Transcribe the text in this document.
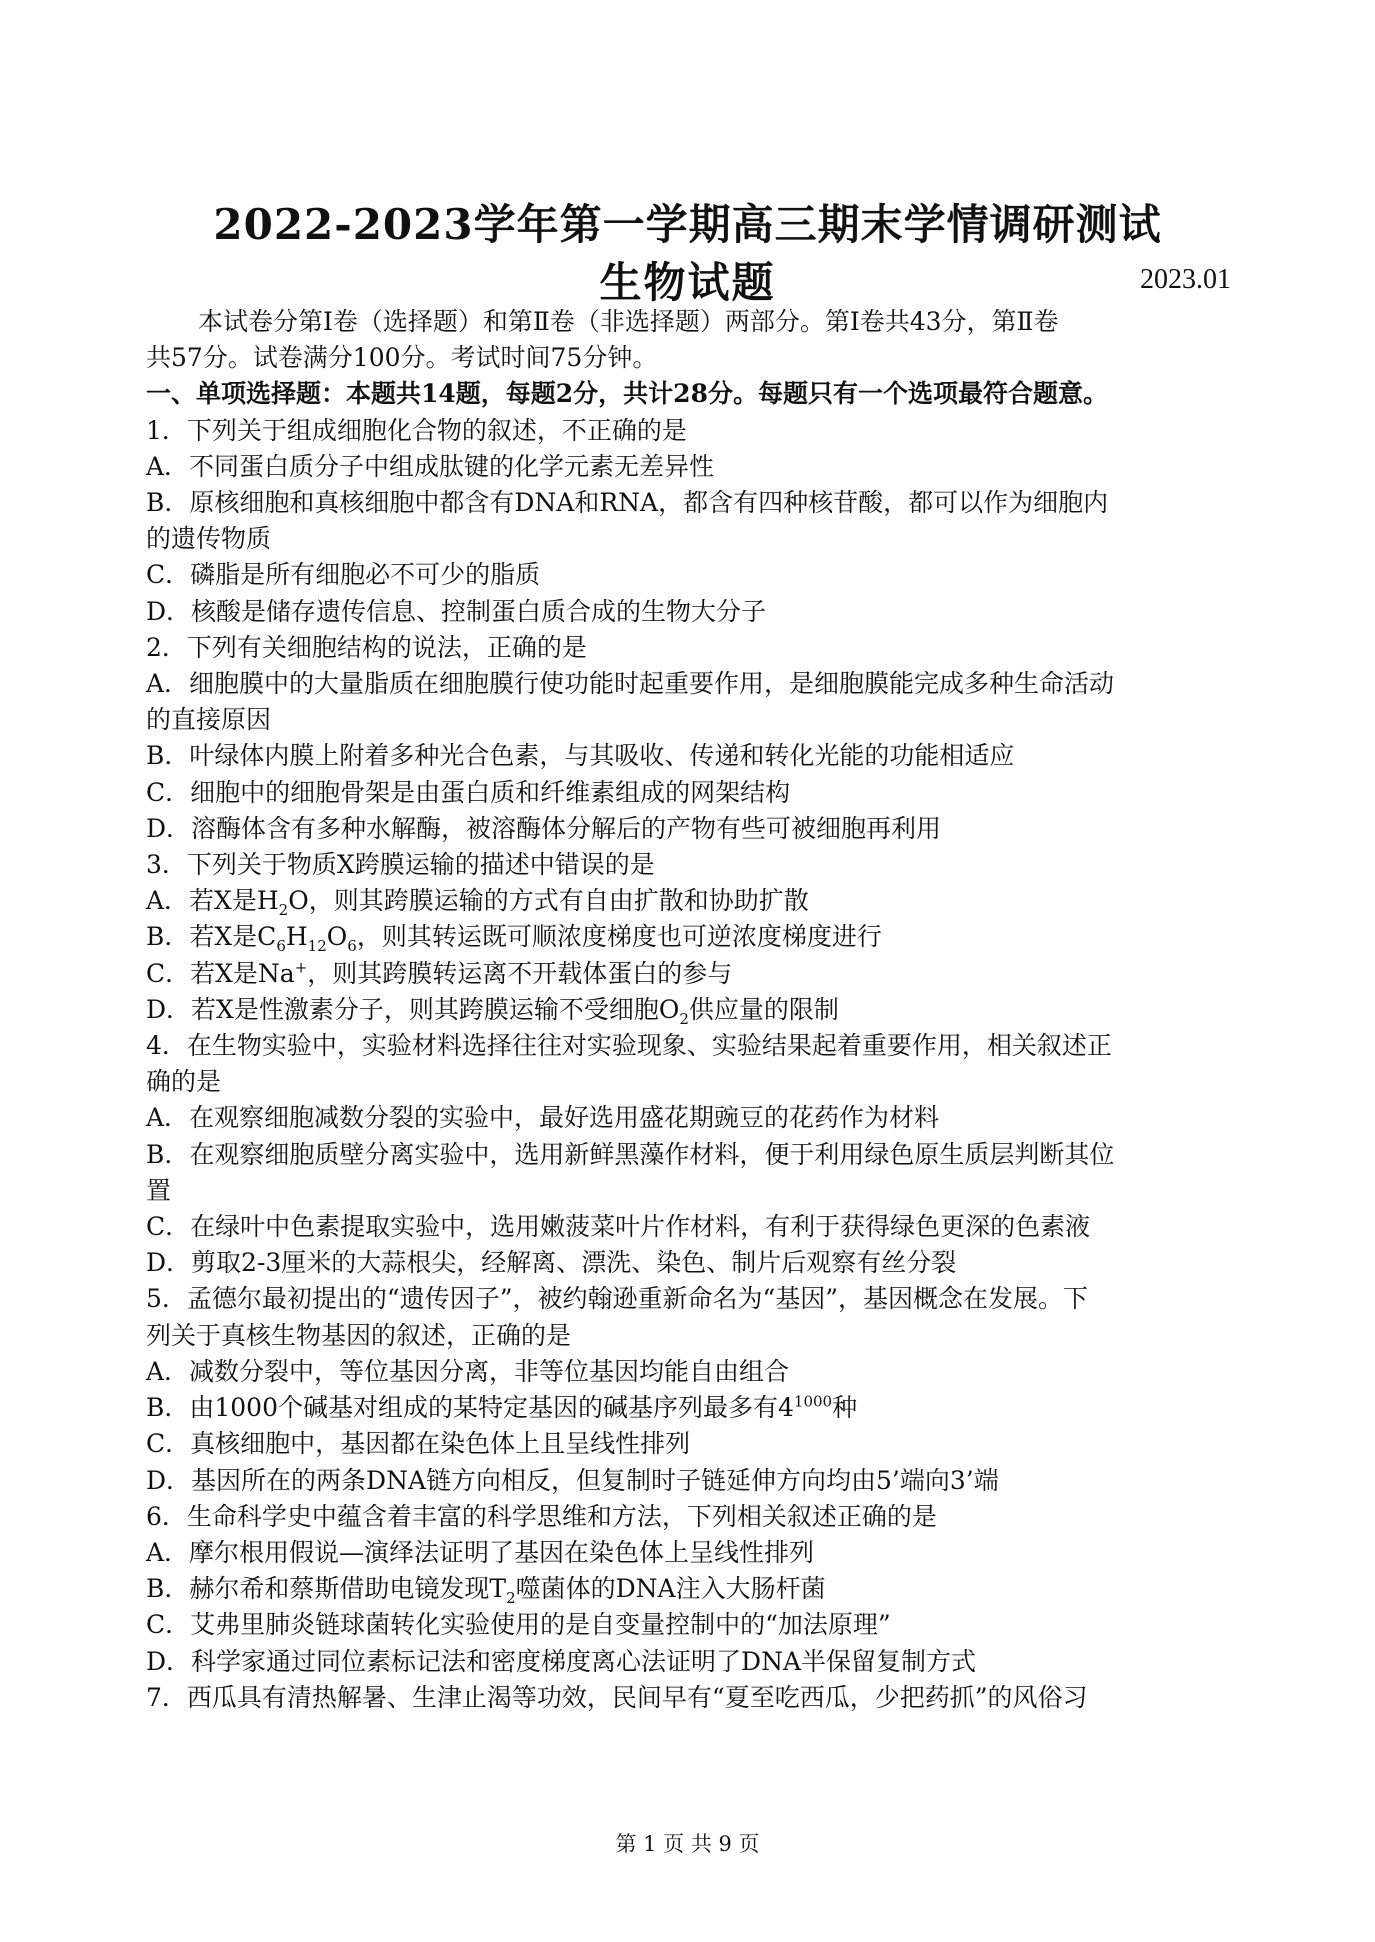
2022-2023学年第一学期高三期末学情调研测试
生物试题	2023.01
本试卷分第Ⅰ卷（选择题）和第Ⅱ卷（非选择题）两部分。第Ⅰ卷共43分，第Ⅱ卷
共57分。试卷满分100分。考试时间75分钟。
一、单项选择题：本题共14题，每题2分，共计28分。每题只有一个选项最符合题意。
1．下列关于组成细胞化合物的叙述，不正确的是
A．不同蛋白质分子中组成肽键的化学元素无差异性
B．原核细胞和真核细胞中都含有DNA和RNA，都含有四种核苷酸，都可以作为细胞内
的遗传物质
C．磷脂是所有细胞必不可少的脂质
D．核酸是储存遗传信息、控制蛋白质合成的生物大分子
2．下列有关细胞结构的说法，正确的是
A．细胞膜中的大量脂质在细胞膜行使功能时起重要作用，是细胞膜能完成多种生命活动
的直接原因
B．叶绿体内膜上附着多种光合色素，与其吸收、传递和转化光能的功能相适应
C．细胞中的细胞骨架是由蛋白质和纤维素组成的网架结构
D．溶酶体含有多种水解酶，被溶酶体分解后的产物有些可被细胞再利用
3．下列关于物质X跨膜运输的描述中错误的是
A．若X是$H_2O$，则其跨膜运输的方式有自由扩散和协助扩散
B．若X是$C_6H_{12}O_6$，则其转运既可顺浓度梯度也可逆浓度梯度进行
C．若X是Na+，则其跨膜转运离不开载体蛋白的参与
D．若X是性激素分子，则其跨膜运输不受细胞$O_2$供应量的限制
4．在生物实验中，实验材料选择往往对实验现象、实验结果起着重要作用，相关叙述正
确的是
A．在观察细胞减数分裂的实验中，最好选用盛花期豌豆的花药作为材料
B．在观察细胞质壁分离实验中，选用新鲜黑藻作材料，便于利用绿色原生质层判断其位
置
C．在绿叶中色素提取实验中，选用嫩菠菜叶片作材料，有利于获得绿色更深的色素液
D．剪取2-3厘米的大蒜根尖，经解离、漂洗、染色、制片后观察有丝分裂
5．孟德尔最初提出的“遗传因子”，被约翰逊重新命名为“基因”，基因概念在发展。下
列关于真核生物基因的叙述，正确的是
A．减数分裂中，等位基因分离，非等位基因均能自由组合
B．由1000个碱基对组成的某特定基因的碱基序列最多有$4^{1000}$种
C．真核细胞中，基因都在染色体上且呈线性排列
D．基因所在的两条DNA链方向相反，但复制时子链延伸方向均由5’端向3’端
6．生命科学史中蕴含着丰富的科学思维和方法，下列相关叙述正确的是
A．摩尔根用假说—演绎法证明了基因在染色体上呈线性排列
B．赫尔希和蔡斯借助电镜发现$T_2$噬菌体的DNA注入大肠杆菌
C．艾弗里肺炎链球菌转化实验使用的是自变量控制中的“加法原理”
D．科学家通过同位素标记法和密度梯度离心法证明了DNA半保留复制方式
7．西瓜具有清热解暑、生津止渴等功效，民间早有“夏至吃西瓜，少把药抓”的风俗习
第 1 页 共 9 页
